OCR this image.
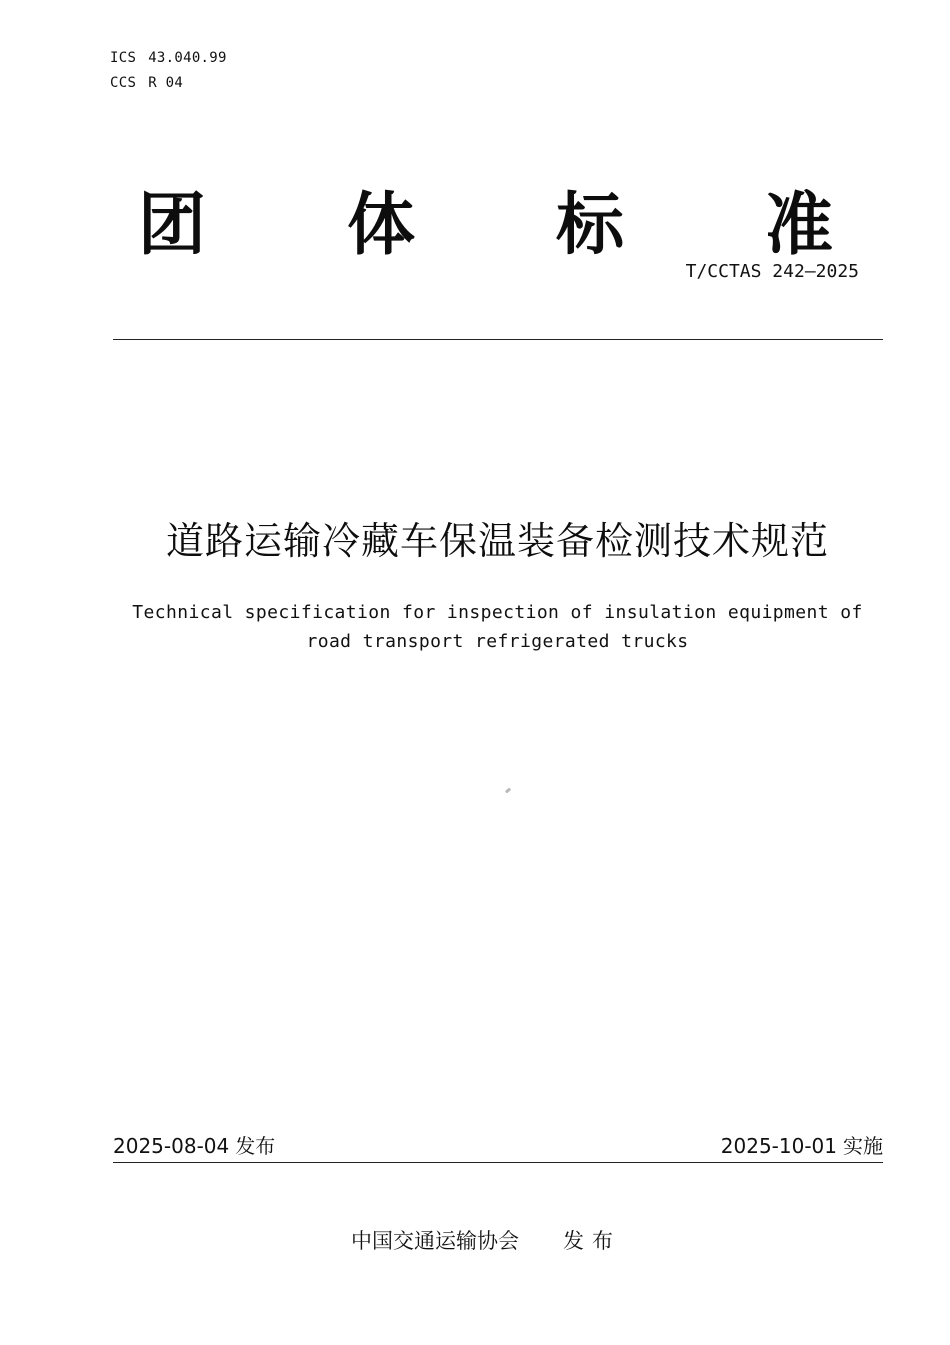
ICS 43.040.99
CCS R 04
团 体 标 准
T/CCTAS 242—2025
道路运输冷藏车保温装备检测技术规范
Technical specification for inspection of insulation equipment of
road transport refrigerated trucks
2025-08-04 发布	2025-10-01 实施
中国交通运输协会 发布
